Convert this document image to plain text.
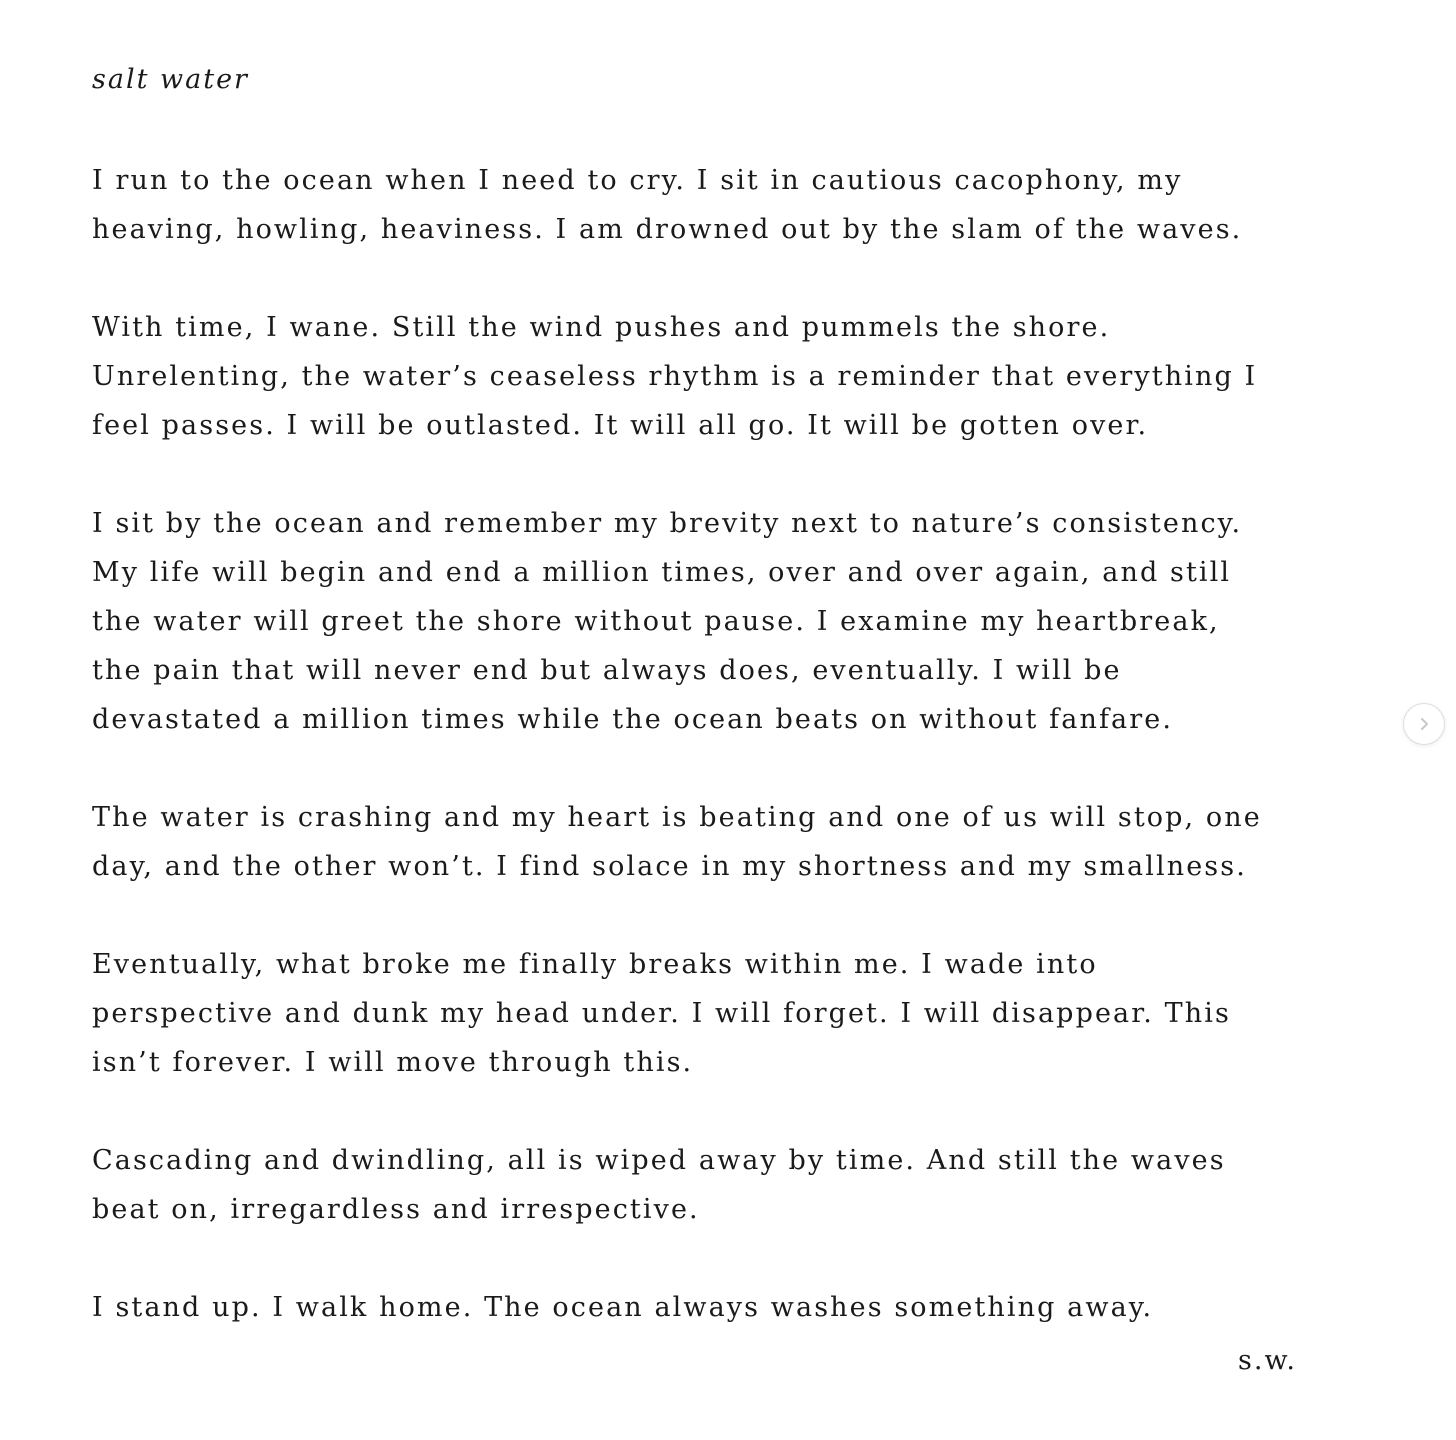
salt water

I run to the ocean when I need to cry. I sit in cautious cacophony, my
heaving, howling, heaviness. I am drowned out by the slam of the waves.

With time, I wane. Still the wind pushes and pummels the shore.
Unrelenting, the water’s ceaseless rhythm is a reminder that everything I
feel passes. I will be outlasted. It will all go. It will be gotten over.

I sit by the ocean and remember my brevity next to nature’s consistency.
My life will begin and end a million times, over and over again, and still
the water will greet the shore without pause. I examine my heartbreak,
the pain that will never end but always does, eventually. I will be
devastated a million times while the ocean beats on without fanfare.

The water is crashing and my heart is beating and one of us will stop, one
day, and the other won’t. I find solace in my shortness and my smallness.

Eventually, what broke me finally breaks within me. I wade into
perspective and dunk my head under. I will forget. I will disappear. This
isn’t forever. I will move through this.

Cascading and dwindling, all is wiped away by time. And still the waves
beat on, irregardless and irrespective.

I stand up. I walk home. The ocean always washes something away.

s.w.
